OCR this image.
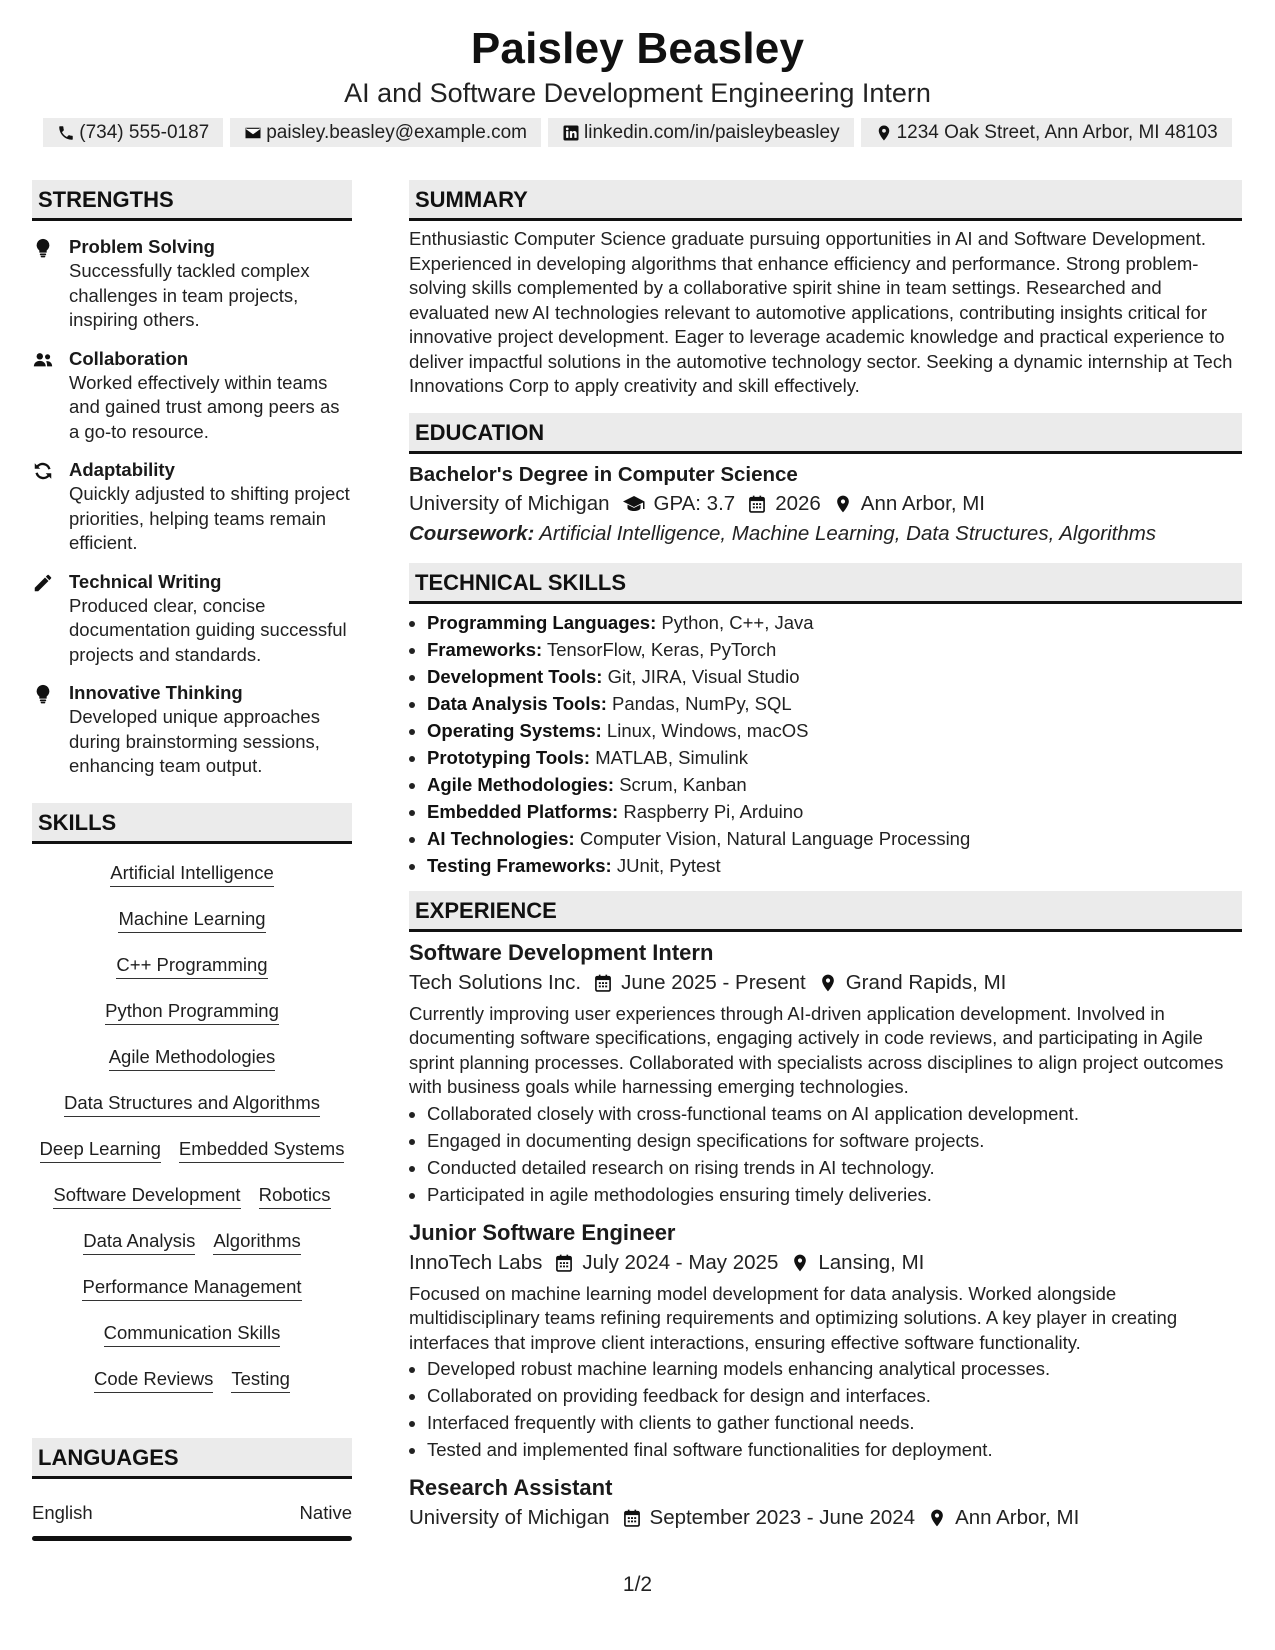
Paisley Beasley
AI and Software Development Engineering Intern
(734) 555-0187	paisley.beasley@example.com	linkedin.com/in/paisleybeasley	1234 Oak Street, Ann Arbor, MI 48103
STRENGTHS
Problem Solving
Successfully tackled complex challenges in team projects, inspiring others.
Collaboration
Worked effectively within teams and gained trust among peers as a go-to resource.
Adaptability
Quickly adjusted to shifting project priorities, helping teams remain efficient.
Technical Writing
Produced clear, concise documentation guiding successful projects and standards.
Innovative Thinking
Developed unique approaches during brainstorming sessions, enhancing team output.
SKILLS
Artificial Intelligence
Machine Learning
C++ Programming
Python Programming
Agile Methodologies
Data Structures and Algorithms
Deep Learning Embedded Systems
Software Development Robotics
Data Analysis Algorithms
Performance Management
Communication Skills
Code Reviews Testing
LANGUAGES
English	Native
SUMMARY
Enthusiastic Computer Science graduate pursuing opportunities in AI and Software Development. Experienced in developing algorithms that enhance efficiency and performance. Strong problem-solving skills complemented by a collaborative spirit shine in team settings. Researched and evaluated new AI technologies relevant to automotive applications, contributing insights critical for innovative project development. Eager to leverage academic knowledge and practical experience to deliver impactful solutions in the automotive technology sector. Seeking a dynamic internship at Tech Innovations Corp to apply creativity and skill effectively.
EDUCATION
Bachelor's Degree in Computer Science
University of Michigan GPA: 3.7 2026 Ann Arbor, MI
Coursework: Artificial Intelligence, Machine Learning, Data Structures, Algorithms
TECHNICAL SKILLS
• Programming Languages: Python, C++, Java
• Frameworks: TensorFlow, Keras, PyTorch
• Development Tools: Git, JIRA, Visual Studio
• Data Analysis Tools: Pandas, NumPy, SQL
• Operating Systems: Linux, Windows, macOS
• Prototyping Tools: MATLAB, Simulink
• Agile Methodologies: Scrum, Kanban
• Embedded Platforms: Raspberry Pi, Arduino
• AI Technologies: Computer Vision, Natural Language Processing
• Testing Frameworks: JUnit, Pytest
EXPERIENCE
Software Development Intern
Tech Solutions Inc. June 2025 - Present Grand Rapids, MI
Currently improving user experiences through AI-driven application development. Involved in documenting software specifications, engaging actively in code reviews, and participating in Agile sprint planning processes. Collaborated with specialists across disciplines to align project outcomes with business goals while harnessing emerging technologies.
• Collaborated closely with cross-functional teams on AI application development.
• Engaged in documenting design specifications for software projects.
• Conducted detailed research on rising trends in AI technology.
• Participated in agile methodologies ensuring timely deliveries.
Junior Software Engineer
InnoTech Labs July 2024 - May 2025 Lansing, MI
Focused on machine learning model development for data analysis. Worked alongside multidisciplinary teams refining requirements and optimizing solutions. A key player in creating interfaces that improve client interactions, ensuring effective software functionality.
• Developed robust machine learning models enhancing analytical processes.
• Collaborated on providing feedback for design and interfaces.
• Interfaced frequently with clients to gather functional needs.
• Tested and implemented final software functionalities for deployment.
Research Assistant
University of Michigan September 2023 - June 2024 Ann Arbor, MI
1/2
